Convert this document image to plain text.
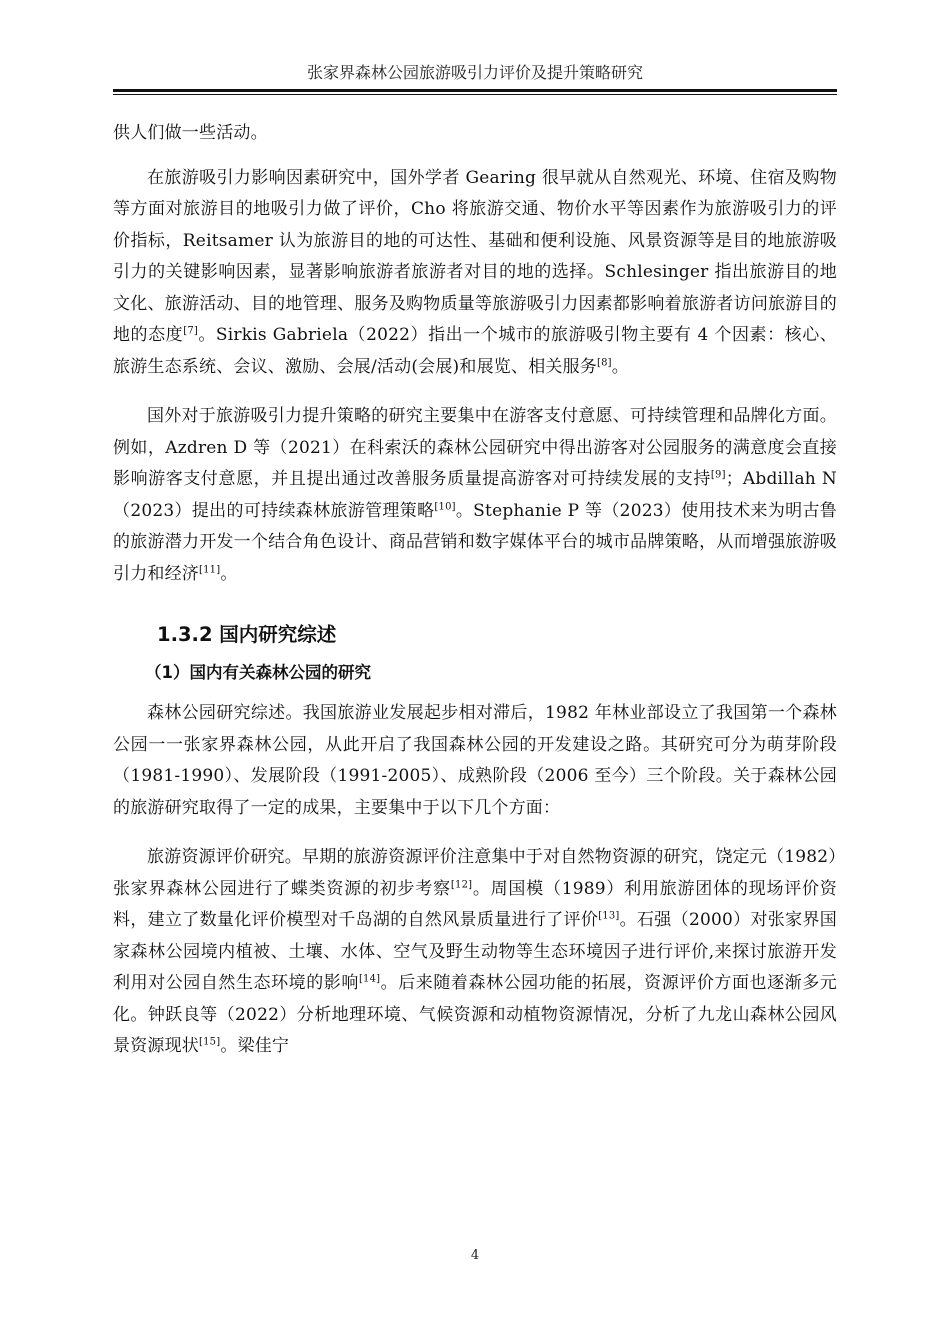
张家界森林公园旅游吸引力评价及提升策略研究

供人们做一些活动。

在旅游吸引力影响因素研究中，国外学者 Gearing 很早就从自然观光、环境、住宿及购物等方面对旅游目的地吸引力做了评价，Cho 将旅游交通、物价水平等因素作为旅游吸引力的评价指标，Reitsamer 认为旅游目的地的可达性、基础和便利设施、风景资源等是目的地旅游吸引力的关键影响因素，显著影响旅游者旅游者对目的地的选择。Schlesinger 指出旅游目的地文化、旅游活动、目的地管理、服务及购物质量等旅游吸引力因素都影响着旅游者访问旅游目的地的态度[7]。Sirkis Gabriela（2022）指出一个城市的旅游吸引物主要有 4 个因素：核心、旅游生态系统、会议、激励、会展/活动(会展)和展览、相关服务[8]。

国外对于旅游吸引力提升策略的研究主要集中在游客支付意愿、可持续管理和品牌化方面。例如，Azdren D 等（2021）在科索沃的森林公园研究中得出游客对公园服务的满意度会直接影响游客支付意愿，并且提出通过改善服务质量提高游客对可持续发展的支持[9]；Abdillah N（2023）提出的可持续森林旅游管理策略[10]。Stephanie P 等（2023）使用技术来为明古鲁的旅游潜力开发一个结合角色设计、商品营销和数字媒体平台的城市品牌策略，从而增强旅游吸引力和经济[11]。

1.3.2 国内研究综述
（1）国内有关森林公园的研究

森林公园研究综述。我国旅游业发展起步相对滞后，1982 年林业部设立了我国第一个森林公园一一张家界森林公园，从此开启了我国森林公园的开发建设之路。其研究可分为萌芽阶段（1981-1990）、发展阶段（1991-2005）、成熟阶段（2006 至今）三个阶段。关于森林公园的旅游研究取得了一定的成果，主要集中于以下几个方面：

旅游资源评价研究。早期的旅游资源评价注意集中于对自然物资源的研究，饶定元（1982）张家界森林公园进行了蝶类资源的初步考察[12]。周国模（1989）利用旅游团体的现场评价资料，建立了数量化评价模型对千岛湖的自然风景质量进行了评价[13]。石强（2000）对张家界国家森林公园境内植被、土壤、水体、空气及野生动物等生态环境因子进行评价,来探讨旅游开发利用对公园自然生态环境的影响[14]。后来随着森林公园功能的拓展，资源评价方面也逐渐多元化。钟跃良等（2022）分析地理环境、气候资源和动植物资源情况，分析了九龙山森林公园风景资源现状[15]。梁佳宁

4
